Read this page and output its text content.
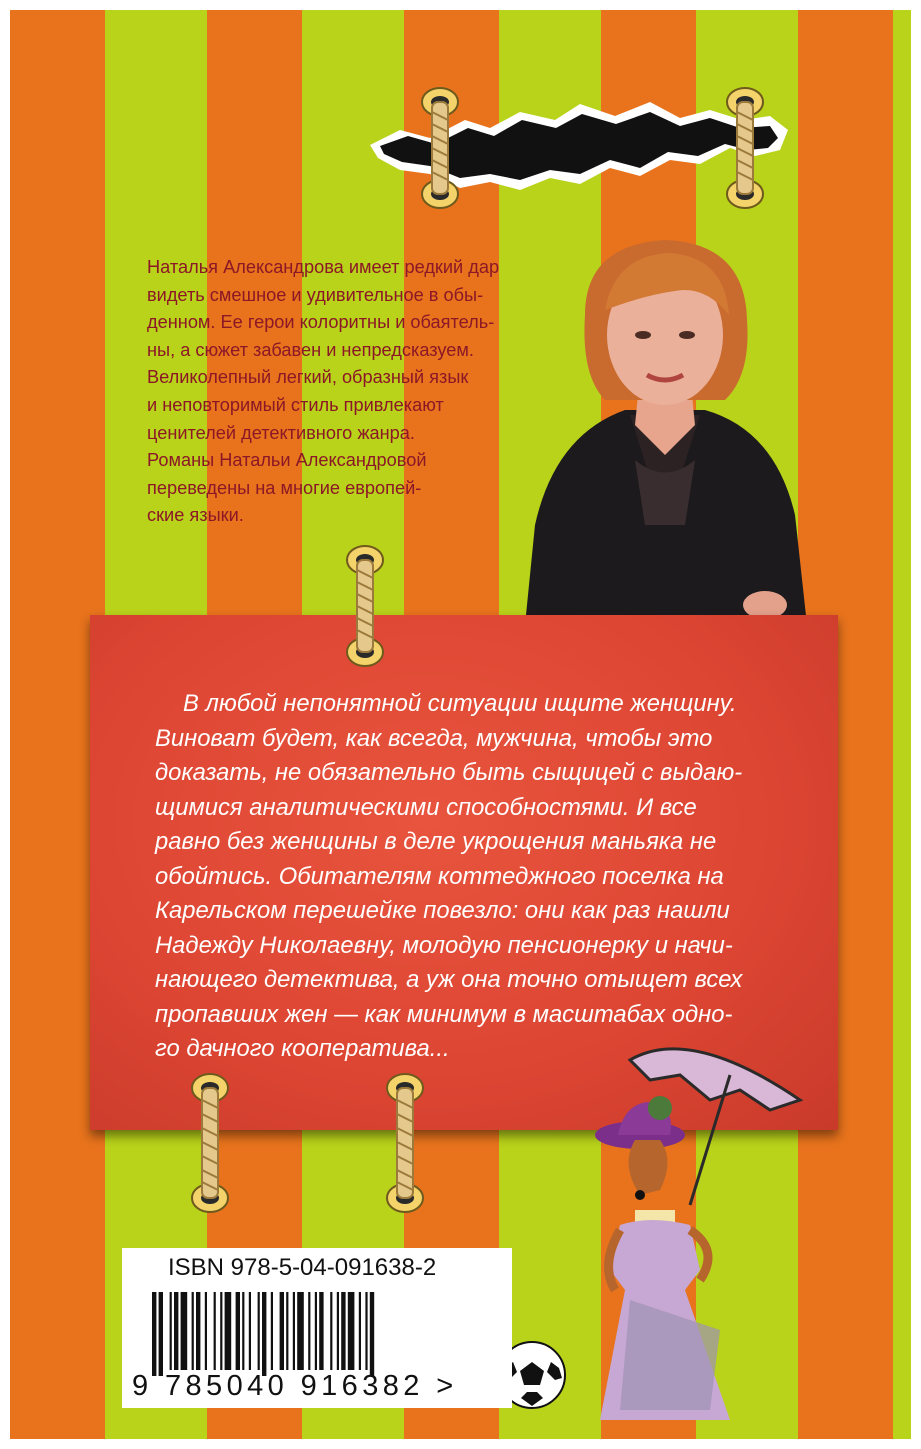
Наталья Александрова имеет редкий дар
видеть смешное и удивительное в обы-
денном. Ее герои колоритны и обаятель-
ны, а сюжет забавен и непредсказуем.
Великолепный легкий, образный язык
и неповторимый стиль привлекают
ценителей детективного жанра.
Романы Натальи Александровой
переведены на многие европей-
ские языки.

В любой непонятной ситуации ищите женщину.
Виноват будет, как всегда, мужчина, чтобы это
доказать, не обязательно быть сыщицей с выдаю-
щимися аналитическими способностями. И все
равно без женщины в деле укрощения маньяка не
обойтись. Обитателям коттеджного поселка на
Карельском перешейке повезло: они как раз нашли
Надежду Николаевну, молодую пенсионерку и начи-
нающего детектива, а уж она точно отыщет всех
пропавших жен — как минимум в масштабах одно-
го дачного кооператива...

ISBN 978-5-04-091638-2
9 785040 916382 >
